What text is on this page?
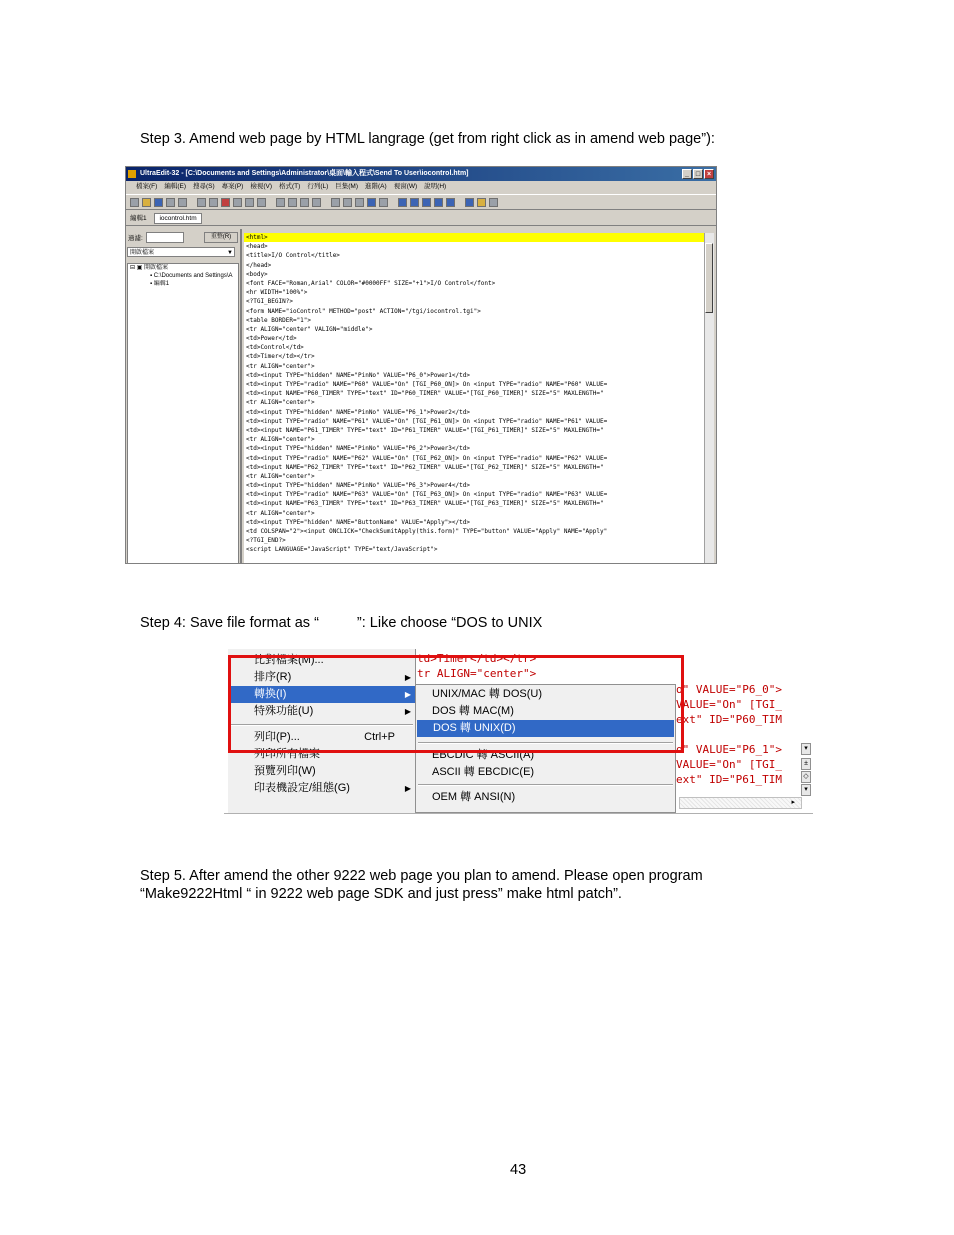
Step 3. Amend web page by HTML langrage (get from right click as in amend web page”):
UltraEdit-32 - [C:\Documents and Settings\Administrator\桌面\輸入程式\Send To User\iocontrol.htm]	_ □ ×
檔案(F) 編輯(E) 搜尋(S) 專案(P) 檢視(V) 格式(T) 行列(L) 巨集(M) 進階(A) 視窗(W) 說明(H)
編輯1 iocontrol.htm
過濾:	重整(R)
開啟檔案	▼
⊟ ▣ 開啟檔案
▪ C:\Documents and Settings\A
▪ 編輯1
<html>
<head>
<title>I/O Control</title>
</head>
<body>
<font FACE="Roman,Arial" COLOR="#0000FF" SIZE="+1">I/O Control</font>
<hr WIDTH="100%">
<?TGI_BEGIN?>
<form NAME="ioControl" METHOD="post" ACTION="/tgi/iocontrol.tgi">
<table BORDER="1">
<tr ALIGN="center" VALIGN="middle">
<td>Power</td>
<td>Control</td>
<td>Timer</td></tr>
<tr ALIGN="center">
<td><input TYPE="hidden" NAME="PinNo" VALUE="P6_0">Power1</td>
<td><input TYPE="radio" NAME="P60" VALUE="On" [TGI_P60_ON]> On <input TYPE="radio" NAME="P60" VALUE=
<td><input NAME="P60_TIMER" TYPE="text" ID="P60_TIMER" VALUE="[TGI_P60_TIMER]" SIZE="5" MAXLENGTH="
<tr ALIGN="center">
<td><input TYPE="hidden" NAME="PinNo" VALUE="P6_1">Power2</td>
<td><input TYPE="radio" NAME="P61" VALUE="On" [TGI_P61_ON]> On <input TYPE="radio" NAME="P61" VALUE=
<td><input NAME="P61_TIMER" TYPE="text" ID="P61_TIMER" VALUE="[TGI_P61_TIMER]" SIZE="5" MAXLENGTH="
<tr ALIGN="center">
<td><input TYPE="hidden" NAME="PinNo" VALUE="P6_2">Power3</td>
<td><input TYPE="radio" NAME="P62" VALUE="On" [TGI_P62_ON]> On <input TYPE="radio" NAME="P62" VALUE=
<td><input NAME="P62_TIMER" TYPE="text" ID="P62_TIMER" VALUE="[TGI_P62_TIMER]" SIZE="5" MAXLENGTH="
<tr ALIGN="center">
<td><input TYPE="hidden" NAME="PinNo" VALUE="P6_3">Power4</td>
<td><input TYPE="radio" NAME="P63" VALUE="On" [TGI_P63_ON]> On <input TYPE="radio" NAME="P63" VALUE=
<td><input NAME="P63_TIMER" TYPE="text" ID="P63_TIMER" VALUE="[TGI_P63_TIMER]" SIZE="5" MAXLENGTH="
<tr ALIGN="center">
<td><input TYPE="hidden" NAME="ButtonName" VALUE="Apply"></td>
<td COLSPAN="2"><input ONCLICK="CheckSumitApply(this.form)" TYPE="button" VALUE="Apply" NAME="Apply"
<?TGI_END?>
<script LANGUAGE="JavaScript" TYPE="text/JavaScript">
Step 4: Save file format as “	”: Like choose “DOS to UNIX
td>Timer</td></tr>
tr ALIGN="center">
o" VALUE="P6_0">
VALUE="On" [TGI_
ext" ID="P60_TIM
o" VALUE="P6_1">
VALUE="On" [TGI_
ext" ID="P61_TIM
▾
±
◇
▾
▸
比對檔案(M)...
排序(R)	▶
轉換(I)	▶
特殊功能(U)	▶
列印(P)...	Ctrl+P
列印所有檔案
預覽列印(W)
印表機設定/組態(G)	▶
UNIX/MAC 轉 DOS(U)
DOS 轉 MAC(M)
DOS 轉 UNIX(D)
EBCDIC 轉 ASCII(A)
ASCII 轉 EBCDIC(E)
OEM 轉 ANSI(N)
Step 5. After amend the other 9222 web page you plan to amend. Please open program
“Make9222Html “ in 9222 web page SDK and just press” make html patch”.
43
